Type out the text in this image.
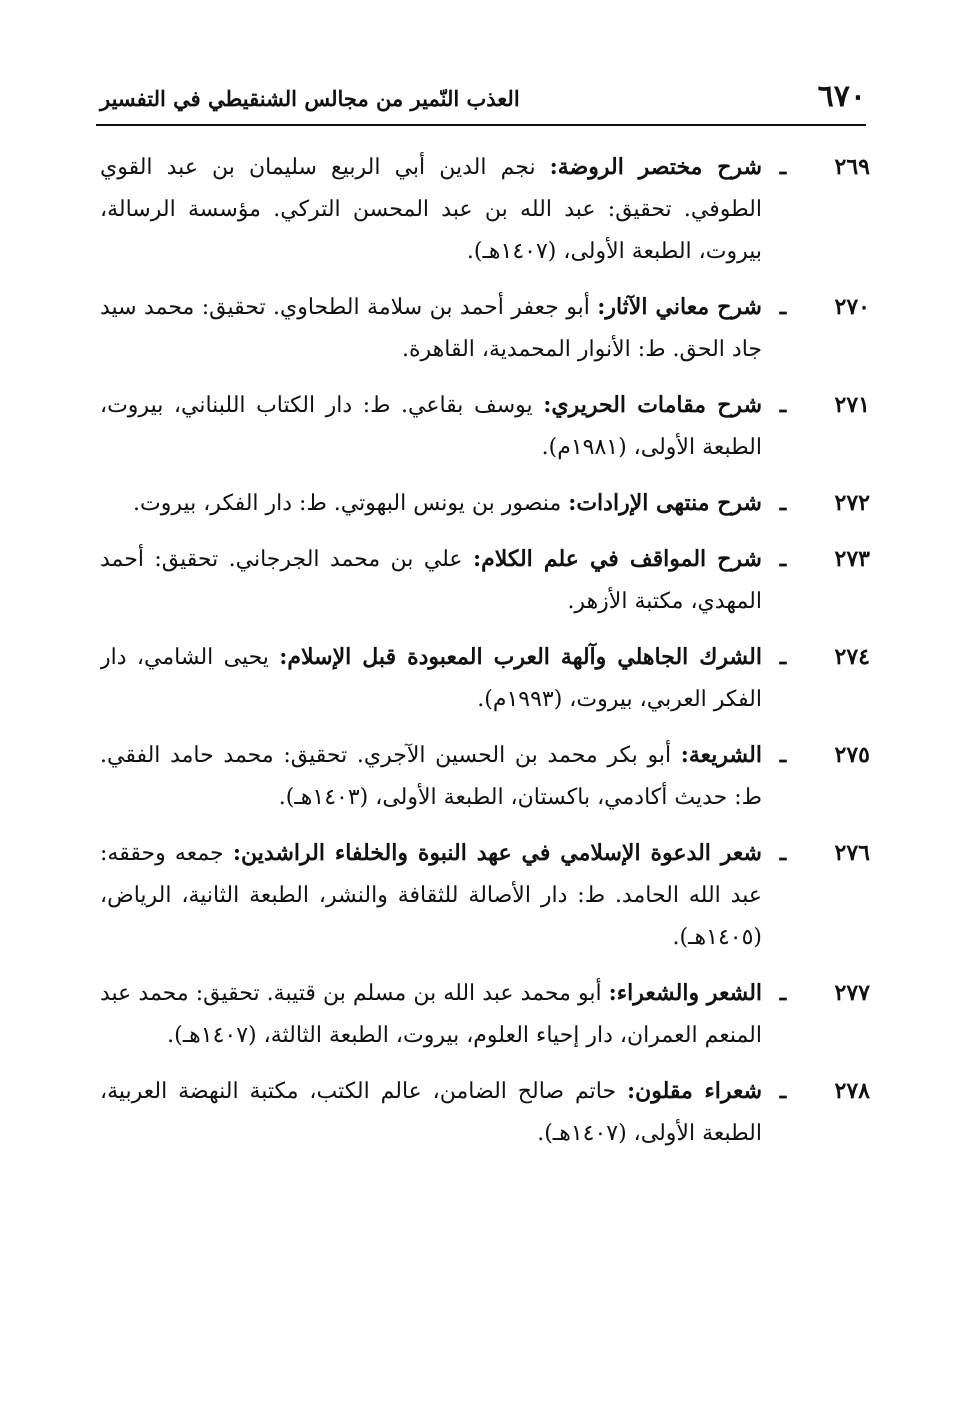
٦٧٠
العذب النّمير من مجالس الشنقيطي في التفسير
٢٦٩
ـ
شرح مختصر الروضة: نجم الدين أبي الربيع سليمان بن عبد القوي الطوفي. تحقيق: عبد الله بن عبد المحسن التركي. مؤسسة الرسالة، بيروت، الطبعة الأولى، (١٤٠٧هـ).
٢٧٠
ـ
شرح معاني الآثار: أبو جعفر أحمد بن سلامة الطحاوي. تحقيق: محمد سيد جاد الحق. ط: الأنوار المحمدية، القاهرة.
٢٧١
ـ
شرح مقامات الحريري: يوسف بقاعي. ط: دار الكتاب اللبناني، بيروت، الطبعة الأولى، (١٩٨١م).
٢٧٢
ـ
شرح منتهى الإرادات: منصور بن يونس البهوتي. ط: دار الفكر، بيروت.
٢٧٣
ـ
شرح المواقف في علم الكلام: علي بن محمد الجرجاني. تحقيق: أحمد المهدي، مكتبة الأزهر.
٢٧٤
ـ
الشرك الجاهلي وآلهة العرب المعبودة قبل الإسلام: يحيى الشامي، دار الفكر العربي، بيروت، (١٩٩٣م).
٢٧٥
ـ
الشريعة: أبو بكر محمد بن الحسين الآجري. تحقيق: محمد حامد الفقي. ط: حديث أكادمي، باكستان، الطبعة الأولى، (١٤٠٣هـ).
٢٧٦
ـ
شعر الدعوة الإسلامي في عهد النبوة والخلفاء الراشدين: جمعه وحققه: عبد الله الحامد. ط: دار الأصالة للثقافة والنشر، الطبعة الثانية، الرياض، (١٤٠٥هـ).
٢٧٧
ـ
الشعر والشعراء: أبو محمد عبد الله بن مسلم بن قتيبة. تحقيق: محمد عبد المنعم العمران، دار إحياء العلوم، بيروت، الطبعة الثالثة، (١٤٠٧هـ).
٢٧٨
ـ
شعراء مقلون: حاتم صالح الضامن، عالم الكتب، مكتبة النهضة العربية، الطبعة الأولى، (١٤٠٧هـ).
